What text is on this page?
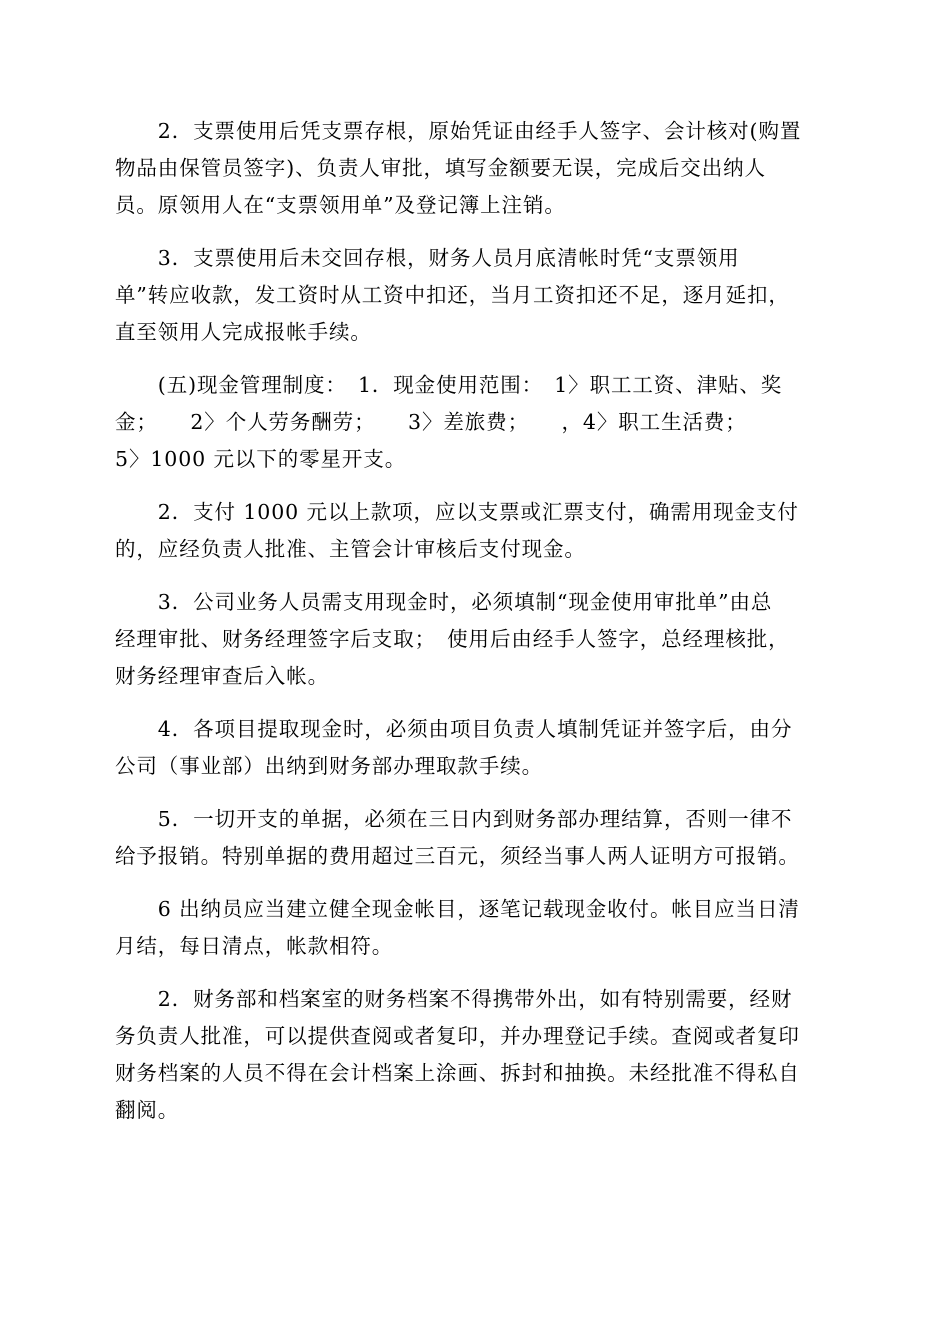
　　2．支票使用后凭支票存根，原始凭证由经手人签字、会计核对(购置
物品由保管员签字)、负责人审批，填写金额要无误，完成后交出纳人
员。原领用人在“支票领用单”及登记簿上注销。

　　3．支票使用后未交回存根，财务人员月底清帐时凭“支票领用
单”转应收款，发工资时从工资中扣还，当月工资扣还不足，逐月延扣，
直至领用人完成报帐手续。

　　(五)现金管理制度：　1．现金使用范围：　1〉职工工资、津贴、奖
金；　　2〉个人劳务酬劳；　　3〉差旅费；　　，4〉职工生活费；
5〉1000 元以下的零星开支。

　　2．支付 1000 元以上款项，应以支票或汇票支付，确需用现金支付
的，应经负责人批准、主管会计审核后支付现金。

　　3．公司业务人员需支用现金时，必须填制“现金使用审批单”由总
经理审批、财务经理签字后支取；　使用后由经手人签字，总经理核批，
财务经理审查后入帐。

　　4．各项目提取现金时，必须由项目负责人填制凭证并签字后，由分
公司（事业部）出纳到财务部办理取款手续。

　　5．一切开支的单据，必须在三日内到财务部办理结算，否则一律不
给予报销。特别单据的费用超过三百元，须经当事人两人证明方可报销。

　　6 出纳员应当建立健全现金帐目，逐笔记载现金收付。帐目应当日清
月结，每日清点，帐款相符。

　　2．财务部和档案室的财务档案不得携带外出，如有特别需要，经财
务负责人批准，可以提供查阅或者复印，并办理登记手续。查阅或者复印
财务档案的人员不得在会计档案上涂画、拆封和抽换。未经批准不得私自
翻阅。
